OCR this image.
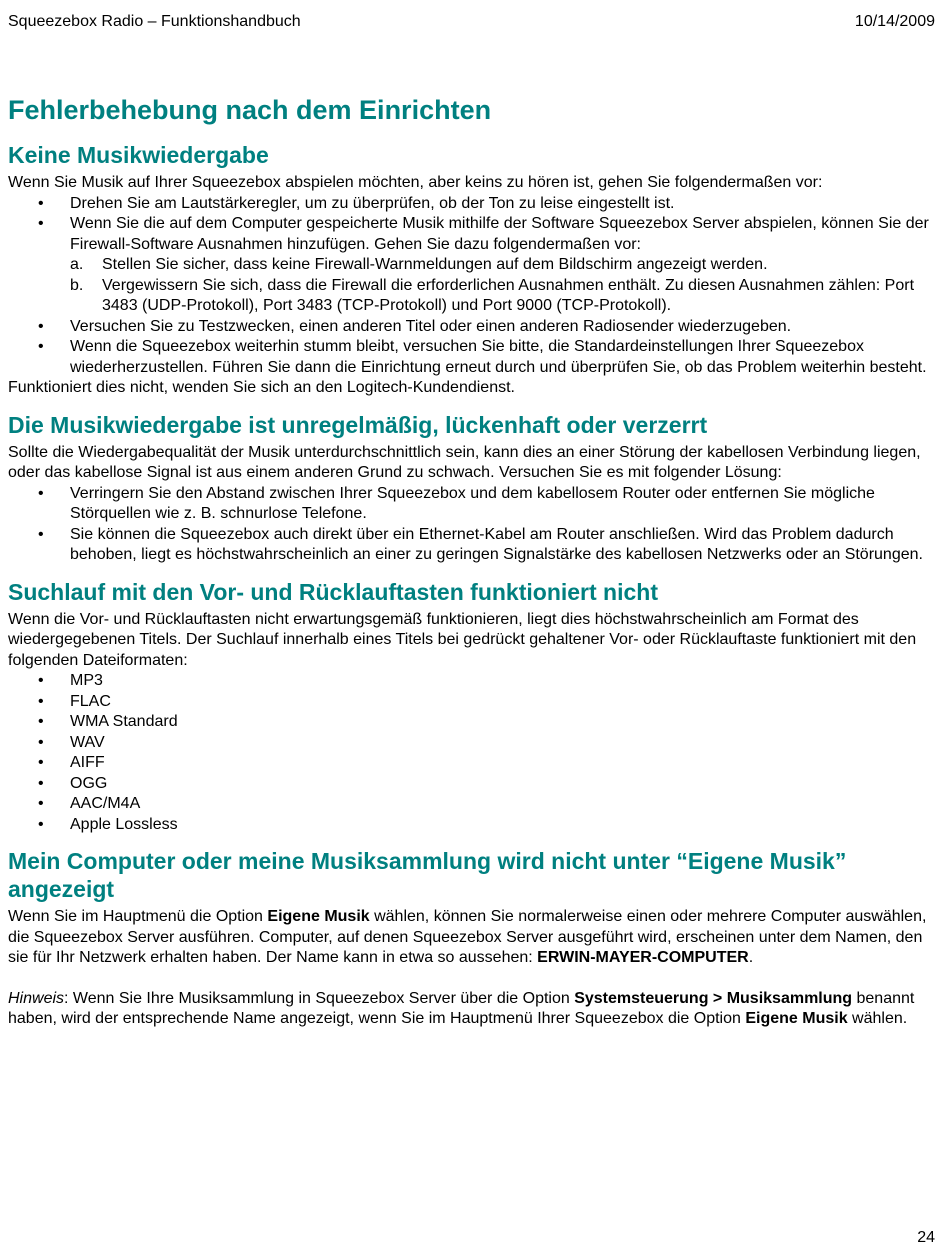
Squeezebox Radio – Funktionshandbuch	10/14/2009
Fehlerbehebung nach dem Einrichten
Keine Musikwiedergabe

Wenn Sie Musik auf Ihrer Squeezebox abspielen möchten, aber keins zu hören ist, gehen Sie folgendermaßen vor:

• Drehen Sie am Lautstärkeregler, um zu überprüfen, ob der Ton zu leise eingestellt ist.
• Wenn Sie die auf dem Computer gespeicherte Musik mithilfe der Software Squeezebox Server abspielen, können Sie der Firewall-Software Ausnahmen hinzufügen. Gehen Sie dazu folgendermaßen vor:
a. Stellen Sie sicher, dass keine Firewall-Warnmeldungen auf dem Bildschirm angezeigt werden.
b. Vergewissern Sie sich, dass die Firewall die erforderlichen Ausnahmen enthält. Zu diesen Ausnahmen zählen: Port 3483 (UDP-Protokoll), Port 3483 (TCP-Protokoll) und Port 9000 (TCP-Protokoll).
• Versuchen Sie zu Testzwecken, einen anderen Titel oder einen anderen Radiosender wiederzugeben.
• Wenn die Squeezebox weiterhin stumm bleibt, versuchen Sie bitte, die Standardeinstellungen Ihrer Squeezebox wiederherzustellen. Führen Sie dann die Einrichtung erneut durch und überprüfen Sie, ob das Problem weiterhin besteht.

Funktioniert dies nicht, wenden Sie sich an den Logitech-Kundendienst.

Die Musikwiedergabe ist unregelmäßig, lückenhaft oder verzerrt

Sollte die Wiedergabequalität der Musik unterdurchschnittlich sein, kann dies an einer Störung der kabellosen Verbindung liegen, oder das kabellose Signal ist aus einem anderen Grund zu schwach. Versuchen Sie es mit folgender Lösung:

• Verringern Sie den Abstand zwischen Ihrer Squeezebox und dem kabellosem Router oder entfernen Sie mögliche Störquellen wie z. B. schnurlose Telefone.
• Sie können die Squeezebox auch direkt über ein Ethernet-Kabel am Router anschließen. Wird das Problem dadurch behoben, liegt es höchstwahrscheinlich an einer zu geringen Signalstärke des kabellosen Netzwerks oder an Störungen.
Suchlauf mit den Vor- und Rücklauftasten funktioniert nicht

Wenn die Vor- und Rücklauftasten nicht erwartungsgemäß funktionieren, liegt dies höchstwahrscheinlich am Format des wiedergegebenen Titels. Der Suchlauf innerhalb eines Titels bei gedrückt gehaltener Vor- oder Rücklauftaste funktioniert mit den folgenden Dateiformaten:

• MP3
• FLAC
• WMA Standard
• WAV
• AIFF
• OGG
• AAC/M4A
• Apple Lossless
Mein Computer oder meine Musiksammlung wird nicht unter “Eigene Musik” angezeigt

Wenn Sie im Hauptmenü die Option Eigene Musik wählen, können Sie normalerweise einen oder mehrere Computer auswählen, die Squeezebox Server ausführen. Computer, auf denen Squeezebox Server ausgeführt wird, erscheinen unter dem Namen, den sie für Ihr Netzwerk erhalten haben. Der Name kann in etwa so aussehen: ERWIN-MAYER-COMPUTER.

Hinweis: Wenn Sie Ihre Musiksammlung in Squeezebox Server über die Option Systemsteuerung > Musiksammlung benannt haben, wird der entsprechende Name angezeigt, wenn Sie im Hauptmenü Ihrer Squeezebox die Option Eigene Musik wählen.

24
